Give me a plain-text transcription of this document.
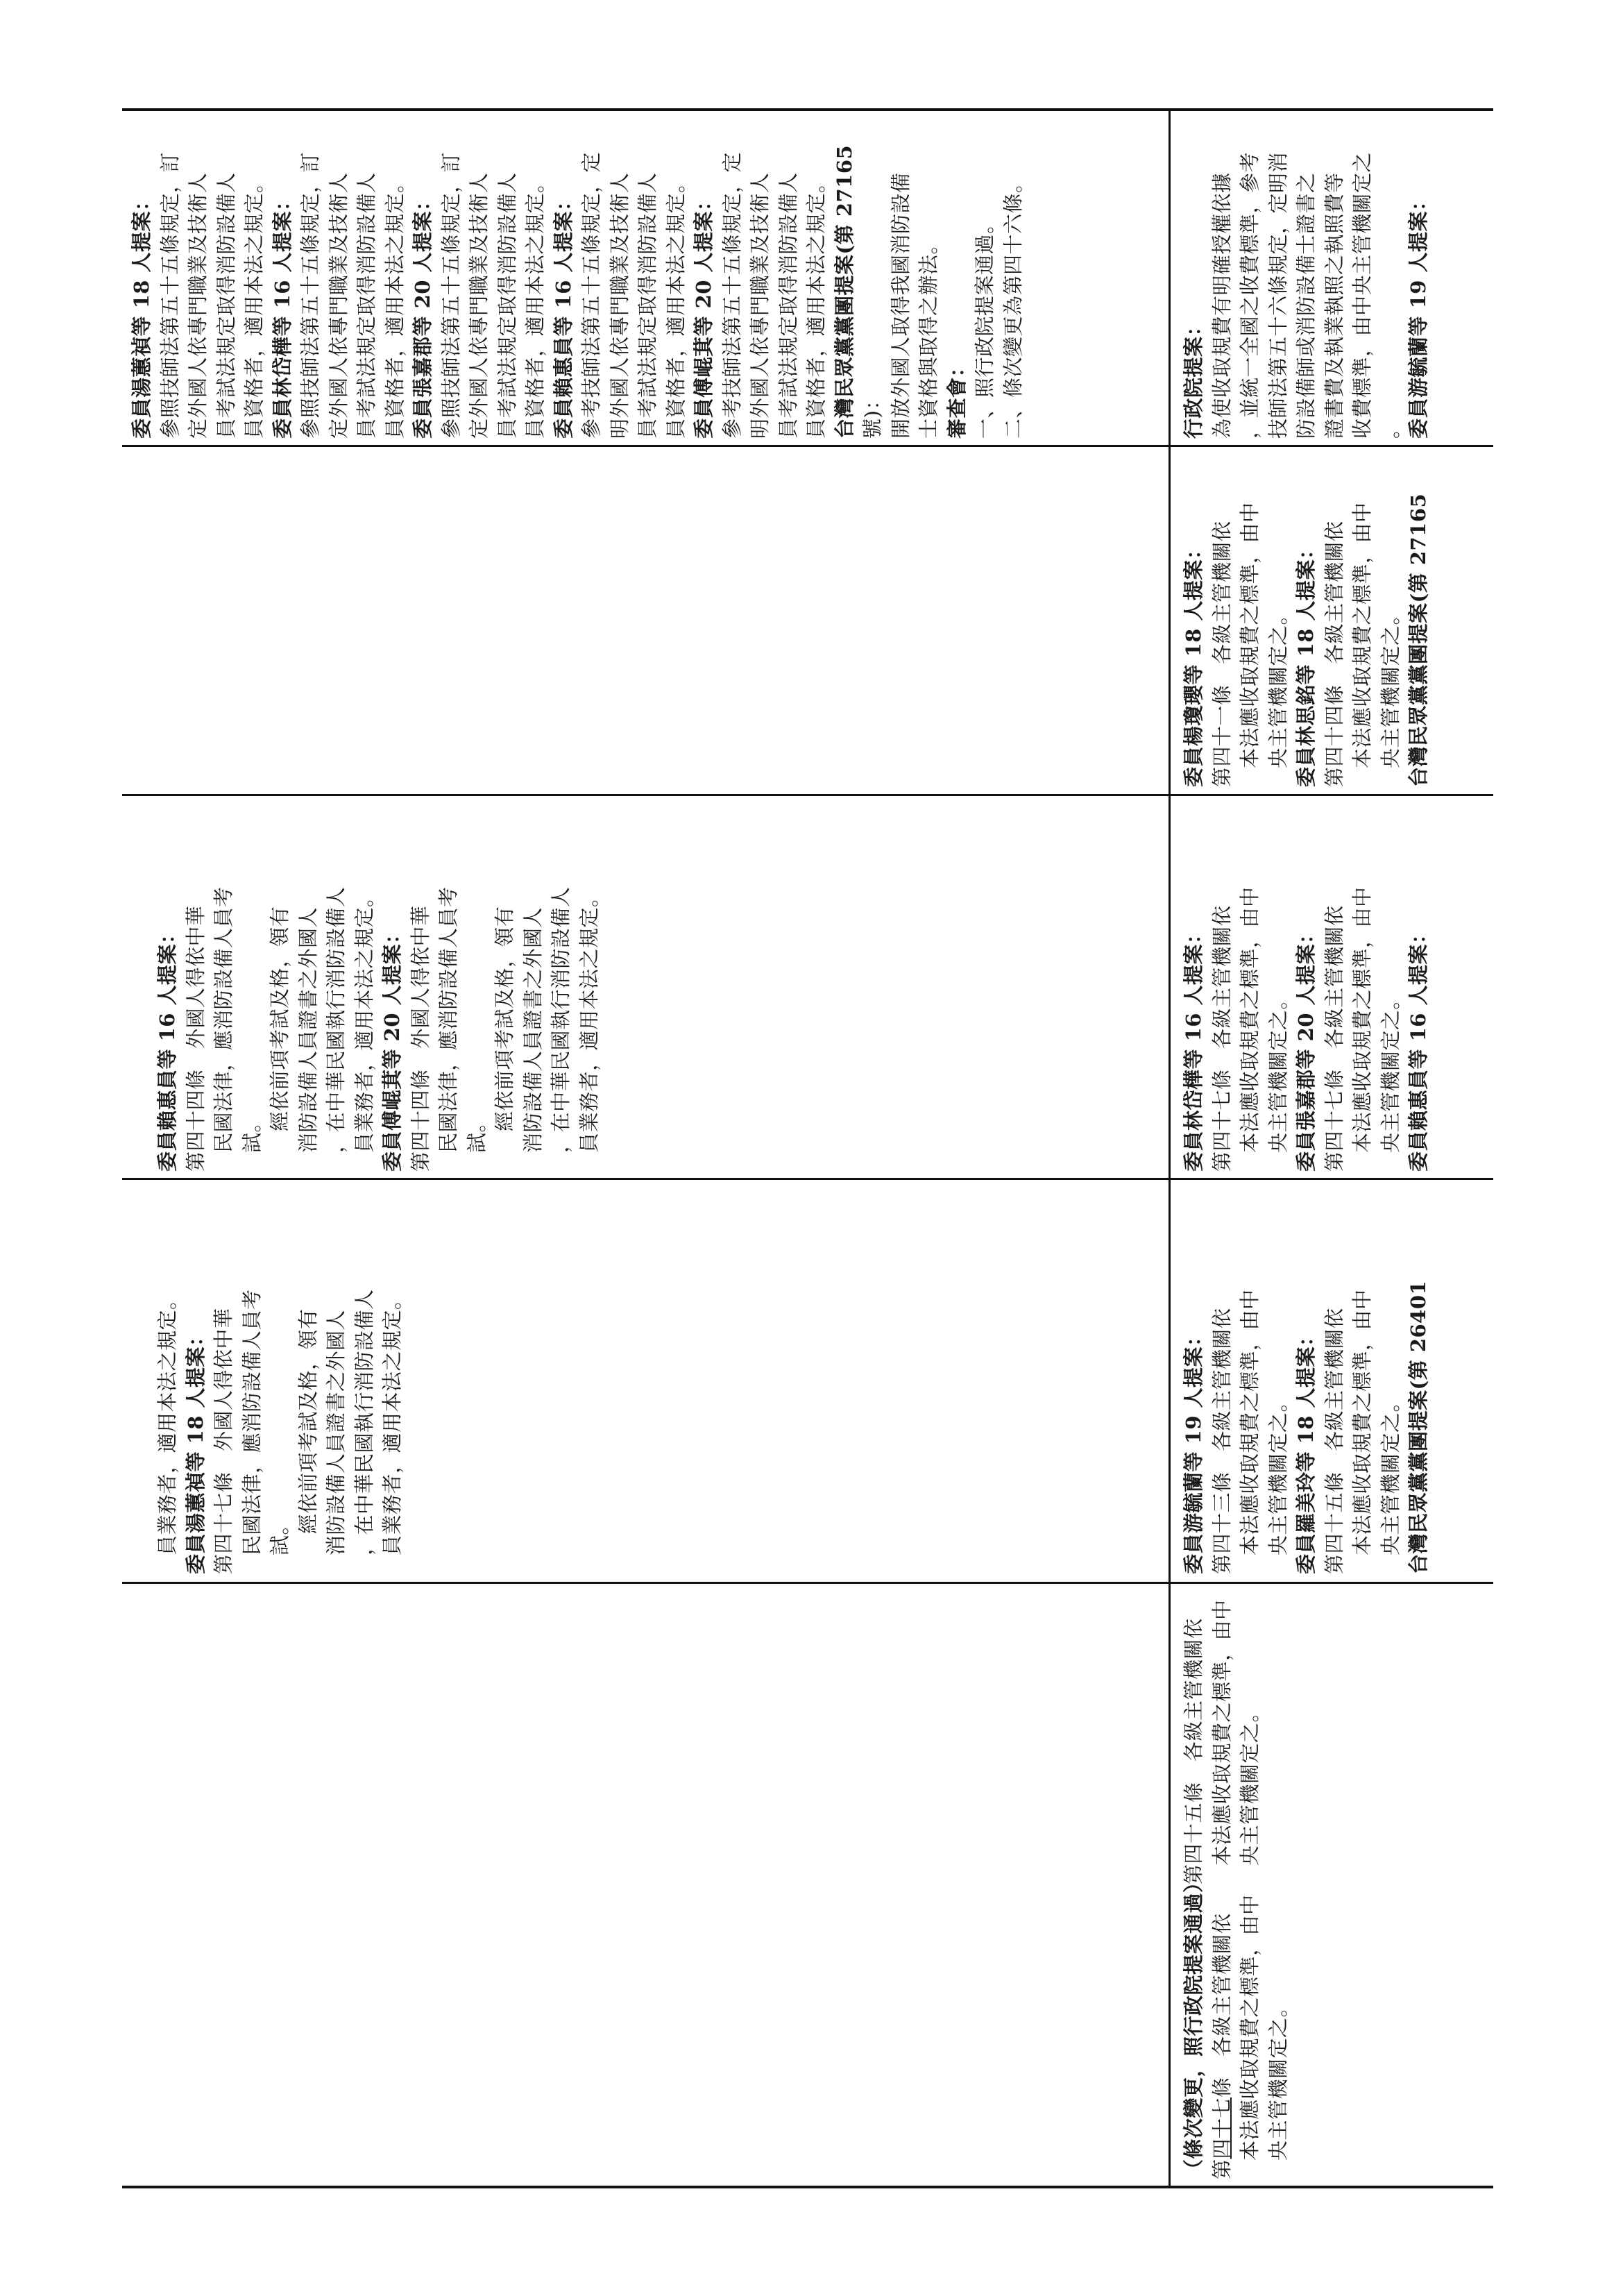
員業務者，適用本法之規定。 委員湯蕙禎等 18 人提案： 第四十七條　外國人得依中華 民國法律，應消防設備人員考 試。
經依前項考試及格，領有 消防設備人員證書之外國人 ，在中華民國執行消防設備人 員業務者，適用本法之規定。
委員賴惠員等 16 人提案： 第四十四條　外國人得依中華 民國法律，應消防設備人員考 試。
經依前項考試及格，領有 消防設備人員證書之外國人 ，在中華民國執行消防設備人 員業務者，適用本法之規定。 委員傅崐萁等 20 人提案： 第四十四條　外國人得依中華 民國法律，應消防設備人員考 試。
經依前項考試及格，領有 消防設備人員證書之外國人 ，在中華民國執行消防設備人 員業務者，適用本法之規定。
委員湯蕙禎等 18 人提案： 參照技師法第五十五條規定，訂 定外國人依專門職業及技術人 員考試法規定取得消防設備人 員資格者，適用本法之規定。 委員林岱樺等 16 人提案： 參照技師法第五十五條規定，訂 定外國人依專門職業及技術人 員考試法規定取得消防設備人 員資格者，適用本法之規定。 委員張嘉郡等 20 人提案： 參照技師法第五十五條規定，訂 定外國人依專門職業及技術人 員考試法規定取得消防設備人 員資格者，適用本法之規定。 委員賴惠員等 16 人提案： 參考技師法第五十五條規定，定 明外國人依專門職業及技術人 員考試法規定取得消防設備人 員資格者，適用本法之規定。 委員傅崐萁等 20 人提案： 參考技師法第五十五條規定，定 明外國人依專門職業及技術人 員考試法規定取得消防設備人 員資格者，適用本法之規定。 台灣民眾黨黨團提案(第 27165 號)： 開放外國人取得我國消防設備 士資格與取得之辦法。 審查會： 一、照行政院提案通過。 二、條次變更為第四十六條。
（條次變更，照行政院提案通過） 第四十七條　各級主管機關依 本法應收取規費之標準，由中 央主管機關定之。
第四十五條　各級主管機關依 本法應收取規費之標準，由中 央主管機關定之。
委員游毓蘭等 19 人提案： 第四十三條　各級主管機關依 本法應收取規費之標準，由中 央主管機關定之。 委員羅美玲等 18 人提案： 第四十五條　各級主管機關依 本法應收取規費之標準，由中 央主管機關定之。 台灣民眾黨黨團提案(第 26401
委員林岱樺等 16 人提案： 第四十七條　各級主管機關依 本法應收取規費之標準，由中 央主管機關定之。 委員張嘉郡等 20 人提案： 第四十七條　各級主管機關依 本法應收取規費之標準，由中 央主管機關定之。 委員賴惠員等 16 人提案：
委員楊瓊瓔等 18 人提案： 第四十一條　各級主管機關依 本法應收取規費之標準，由中 央主管機關定之。 委員林思銘等 18 人提案： 第四十四條　各級主管機關依 本法應收取規費之標準，由中 央主管機關定之。 台灣民眾黨黨團提案(第 27165
行政院提案： 為使收取規費有明確授權依據 ，並統一全國之收費標準，參考 技師法第五十六條規定，定明消 防設備師或消防設備士證書之 證書費及執業執照之執照費等 收費標準，由中央主管機關定之 。 委員游毓蘭等 19 人提案：
